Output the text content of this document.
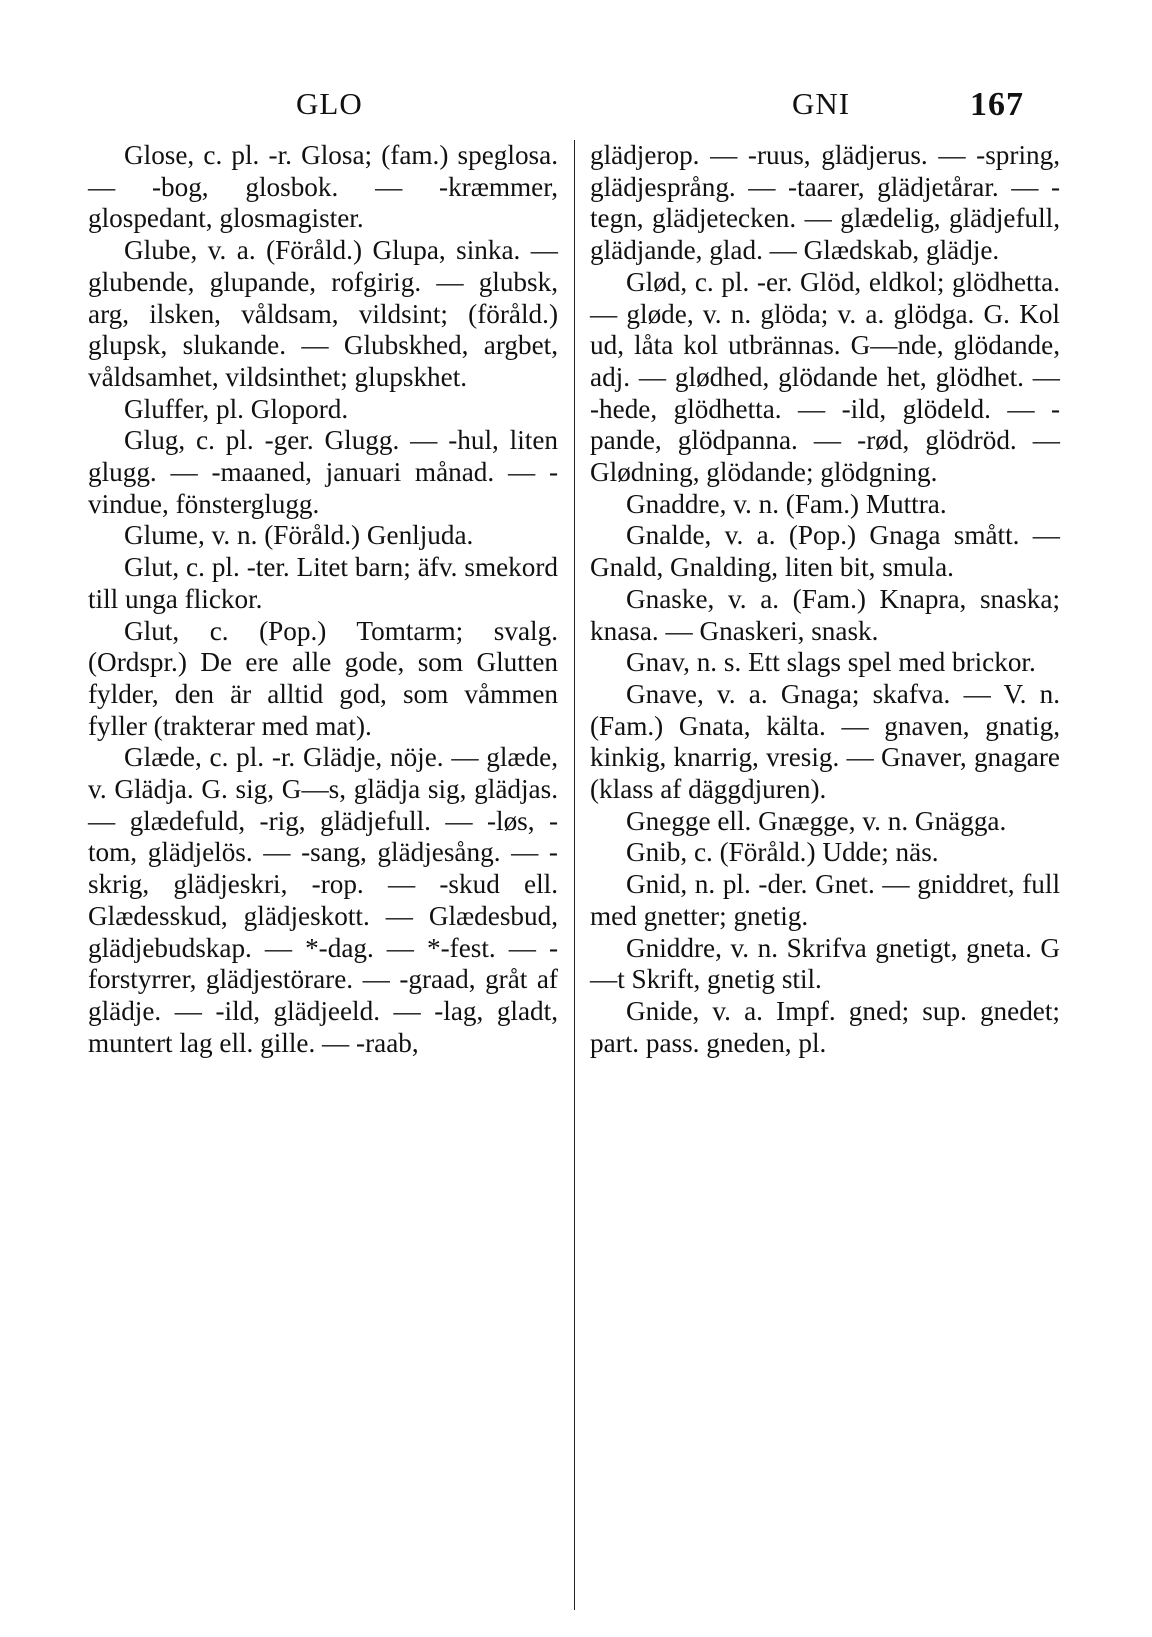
GLO	GNI	167

Glose, c. pl. -r. Glosa; (fam.) speglosa. — -bog, glosbok. — -kræmmer, glospedant, glosmagister.

Glube, v. a. (Föråld.) Glupa, sinka. — glubende, glupande, rofgirig. — glubsk, arg, ilsken, våldsam, vildsint; (föråld.) glupsk, slukande. — Glubskhed, argbet, våldsamhet, vildsinthet; glupskhet.

Gluffer, pl. Glopord.

Glug, c. pl. -ger. Glugg. — -hul, liten glugg. — -maaned, januari månad. — -vindue, fönsterglugg.

Glume, v. n. (Föråld.) Genljuda.

Glut, c. pl. -ter. Litet barn; äfv. smekord till unga flickor.

Glut, c. (Pop.) Tomtarm; svalg. (Ordspr.) De ere alle gode, som Glutten fylder, den är alltid god, som våmmen fyller (trakterar med mat).

Glæde, c. pl. -r. Glädje, nöje. — glæde, v. Glädja. G. sig, G—s, glädja sig, glädjas. — glædefuld, -rig, glädjefull. — -løs, -tom, glädjelös. — -sang, glädjesång. — -skrig, glädjeskri, -rop. — -skud ell. Glædesskud, glädjeskott. — Glædesbud, glädjebudskap. — *-dag. — *-fest. — -forstyrrer, glädjestörare. — -graad, gråt af glädje. — -ild, glädjeeld. — -lag, gladt, muntert lag ell. gille. — -raab,

glädjerop. — -ruus, glädjerus. — -spring, glädjesprång. — -taarer, glädjetårar. — -tegn, glädjetecken. — glædelig, glädjefull, glädjande, glad. — Glædskab, glädje.

Glød, c. pl. -er. Glöd, eldkol; glödhetta. — gløde, v. n. glöda; v. a. glödga. G. Kol ud, låta kol utbrännas. G—nde, glödande, adj. — glødhed, glödande het, glödhet. — -hede, glödhetta. — -ild, glödeld. — -pande, glödpanna. — -rød, glödröd. — Glødning, glödande; glödgning.

Gnaddre, v. n. (Fam.) Muttra.

Gnalde, v. a. (Pop.) Gnaga smått. — Gnald, Gnalding, liten bit, smula.

Gnaske, v. a. (Fam.) Knapra, snaska; knasa. — Gnaskeri, snask.

Gnav, n. s. Ett slags spel med brickor.

Gnave, v. a. Gnaga; skafva. — V. n. (Fam.) Gnata, kälta. — gnaven, gnatig, kinkig, knarrig, vresig. — Gnaver, gnagare (klass af däggdjuren).

Gnegge ell. Gnægge, v. n. Gnägga.

Gnib, c. (Föråld.) Udde; näs.

Gnid, n. pl. -der. Gnet. — gniddret, full med gnetter; gnetig.

Gniddre, v. n. Skrifva gnetigt, gneta. G—t Skrift, gnetig stil.

Gnide, v. a. Impf. gned; sup. gnedet; part. pass. gneden, pl.
